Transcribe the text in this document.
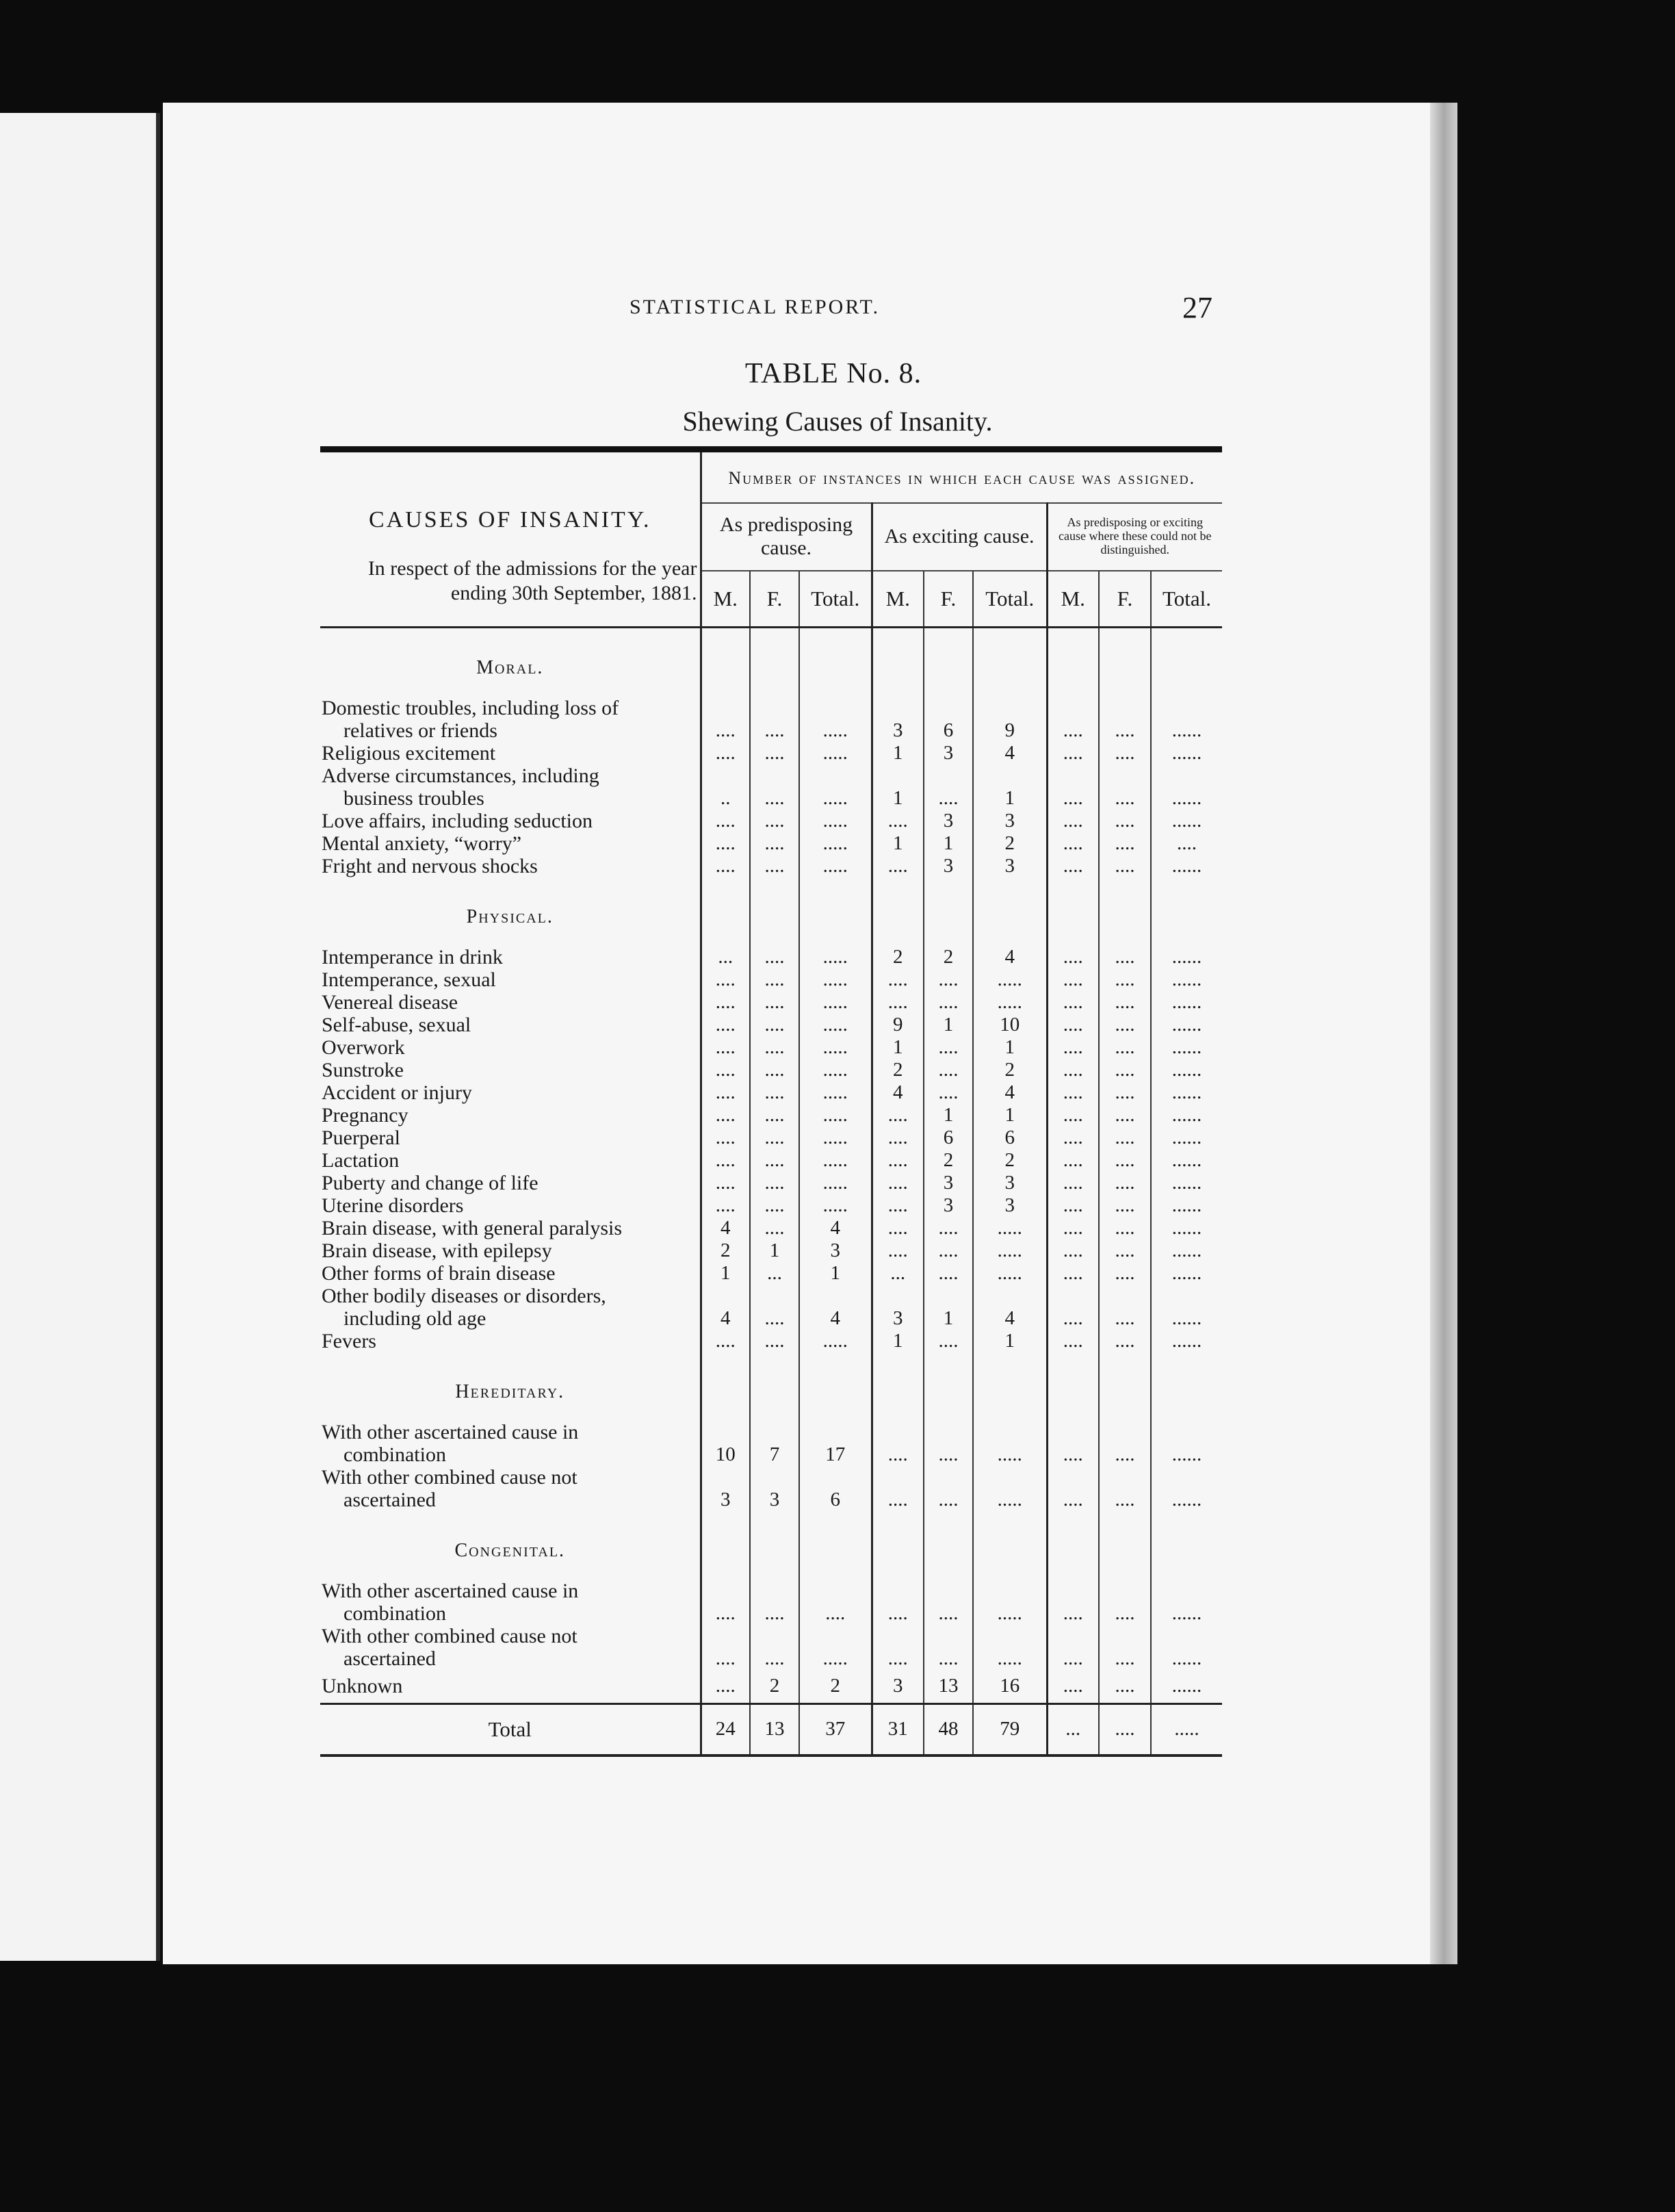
STATISTICAL REPORT.	27
TABLE No. 8.
Shewing Causes of Insanity.

CAUSES OF INSANITY.
In respect of the admissions for the year ending 30th September, 1881.	Number of instances in which each cause was assigned.								
	As predisposing cause.			As exciting cause.			As predisposing or exciting cause where these could not be distinguished.		
	M.	F.	Total.	M.	F.	Total.	M.	F.	Total.
Moral.									
Domestic troubles, including loss of
relatives or friends	....	....	.....	3	6	9	....	....	......
Religious excitement	....	....	.....	1	3	4	....	....	......
Adverse circumstances, including
business troubles	..	....	.....	1	....	1	....	....	......
Love affairs, including seduction	....	....	.....	....	3	3	....	....	......
Mental anxiety, “worry”	....	....	.....	1	1	2	....	....	....
Fright and nervous shocks	....	....	.....	....	3	3	....	....	......
Physical.									
Intemperance in drink	...	....	.....	2	2	4	....	....	......
Intemperance, sexual	....	....	.....	....	....	.....	....	....	......
Venereal disease	....	....	.....	....	....	.....	....	....	......
Self-abuse, sexual	....	....	.....	9	1	10	....	....	......
Overwork	....	....	.....	1	....	1	....	....	......
Sunstroke	....	....	.....	2	....	2	....	....	......
Accident or injury	....	....	.....	4	....	4	....	....	......
Pregnancy	....	....	.....	....	1	1	....	....	......
Puerperal	....	....	.....	....	6	6	....	....	......
Lactation	....	....	.....	....	2	2	....	....	......
Puberty and change of life	....	....	.....	....	3	3	....	....	......
Uterine disorders	....	....	.....	....	3	3	....	....	......
Brain disease, with general paralysis	4	....	4	....	....	.....	....	....	......
Brain disease, with epilepsy	2	1	3	....	....	.....	....	....	......
Other forms of brain disease	1	...	1	...	....	.....	....	....	......
Other bodily diseases or disorders,
including old age	4	....	4	3	1	4	....	....	......
Fevers	....	....	.....	1	....	1	....	....	......
Hereditary.									
With other ascertained cause in
combination	10	7	17	....	....	.....	....	....	......
With other combined cause not
ascertained	3	3	6	....	....	.....	....	....	......
Congenital.									
With other ascertained cause in
combination	....	....	....	....	....	.....	....	....	......
With other combined cause not
ascertained	....	....	.....	....	....	.....	....	....	......
Unknown	....	2	2	3	13	16	....	....	......
Total	24	13	37	31	48	79	...	....	.....
